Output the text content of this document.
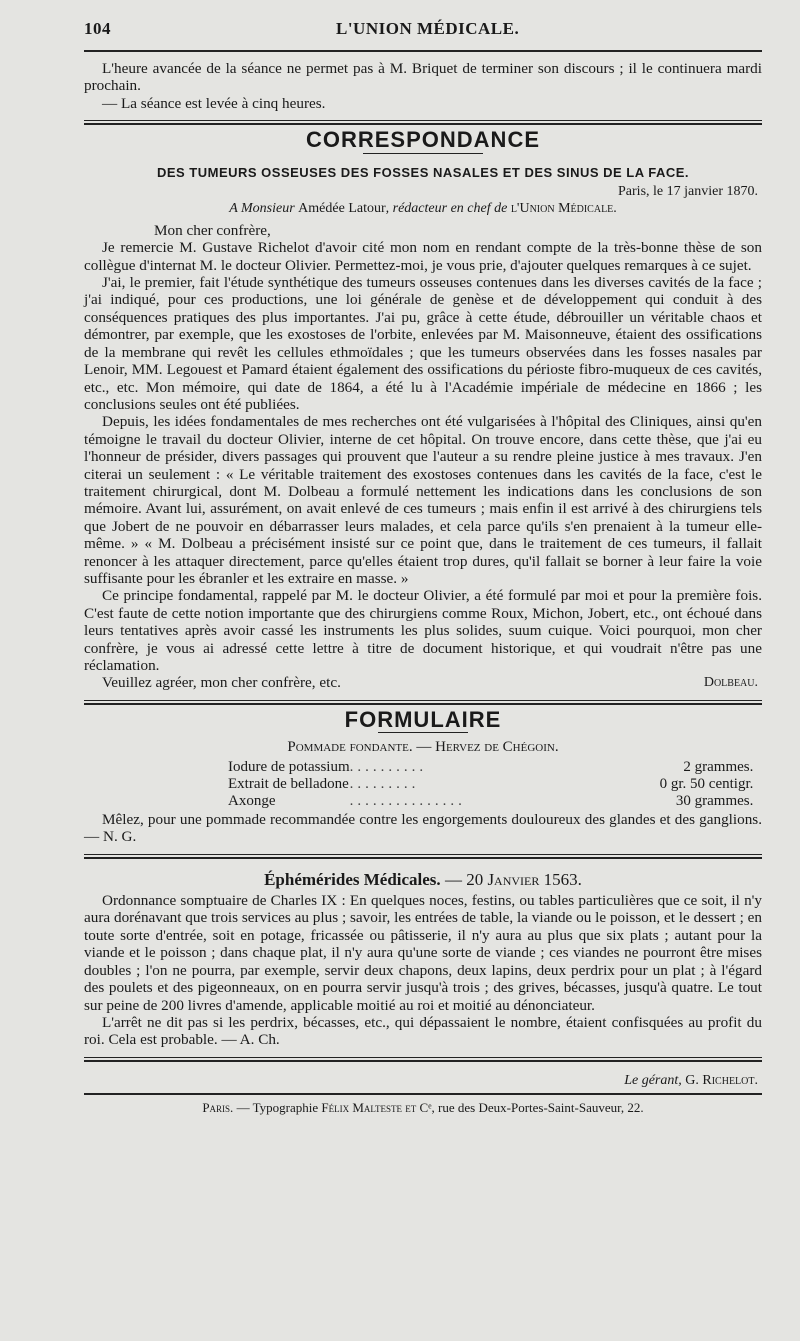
104	L'UNION MÉDICALE.

L'heure avancée de la séance ne permet pas à M. Briquet de terminer son discours ; il le continuera mardi prochain.

— La séance est levée à cinq heures.

CORRESPONDANCE
DES TUMEURS OSSEUSES DES FOSSES NASALES ET DES SINUS DE LA FACE.
Paris, le 17 janvier 1870.
A Monsieur Amédée Latour, rédacteur en chef de l'Union Médicale.

Mon cher confrère,

Je remercie M. Gustave Richelot d'avoir cité mon nom en rendant compte de la très-bonne thèse de son collègue d'internat M. le docteur Olivier. Permettez-moi, je vous prie, d'ajouter quelques remarques à ce sujet.

J'ai, le premier, fait l'étude synthétique des tumeurs osseuses contenues dans les diverses cavités de la face ; j'ai indiqué, pour ces productions, une loi générale de genèse et de développement qui conduit à des conséquences pratiques des plus importantes. J'ai pu, grâce à cette étude, débrouiller un véritable chaos et démontrer, par exemple, que les exostoses de l'orbite, enlevées par M. Maisonneuve, étaient des ossifications de la membrane qui revêt les cellules ethmoïdales ; que les tumeurs observées dans les fosses nasales par Lenoir, MM. Legouest et Pamard étaient également des ossifications du périoste fibro-muqueux de ces cavités, etc., etc. Mon mémoire, qui date de 1864, a été lu à l'Académie impériale de médecine en 1866 ; les conclusions seules ont été publiées.

Depuis, les idées fondamentales de mes recherches ont été vulgarisées à l'hôpital des Cliniques, ainsi qu'en témoigne le travail du docteur Olivier, interne de cet hôpital. On trouve encore, dans cette thèse, que j'ai eu l'honneur de présider, divers passages qui prouvent que l'auteur a su rendre pleine justice à mes travaux. J'en citerai un seulement : « Le véritable traitement des exostoses contenues dans les cavités de la face, c'est le traitement chirurgical, dont M. Dolbeau a formulé nettement les indications dans les conclusions de son mémoire. Avant lui, assurément, on avait enlevé de ces tumeurs ; mais enfin il est arrivé à des chirurgiens tels que Jobert de ne pouvoir en débarrasser leurs malades, et cela parce qu'ils s'en prenaient à la tumeur elle-même. » « M. Dolbeau a précisément insisté sur ce point que, dans le traitement de ces tumeurs, il fallait renoncer à les attaquer directement, parce qu'elles étaient trop dures, qu'il fallait se borner à leur faire la voie suffisante pour les ébranler et les extraire en masse. »

Ce principe fondamental, rappelé par M. le docteur Olivier, a été formulé par moi et pour la première fois. C'est faute de cette notion importante que des chirurgiens comme Roux, Michon, Jobert, etc., ont échoué dans leurs tentatives après avoir cassé les instruments les plus solides, suum cuique. Voici pourquoi, mon cher confrère, je vous ai adressé cette lettre à titre de document historique, et qui voudrait n'être pas une réclamation.

Veuillez agréer, mon cher confrère, etc.	Dolbeau.
FORMULAIRE
Pommade fondante. — Hervez de Chégoin.
Iodure de potassium	..........	2 grammes.
Extrait de belladone	.........	0 gr. 50 centigr.
Axonge	...............	30 grammes.

Mêlez, pour une pommade recommandée contre les engorgements douloureux des glandes et des ganglions. — N. G.

Éphémérides Médicales. — 20 Janvier 1563.

Ordonnance somptuaire de Charles IX : En quelques noces, festins, ou tables particulières que ce soit, il n'y aura dorénavant que trois services au plus ; savoir, les entrées de table, la viande ou le poisson, et le dessert ; en toute sorte d'entrée, soit en potage, fricassée ou pâtisserie, il n'y aura au plus que six plats ; autant pour la viande et le poisson ; dans chaque plat, il n'y aura qu'une sorte de viande ; ces viandes ne pourront être mises doubles ; l'on ne pourra, par exemple, servir deux chapons, deux lapins, deux perdrix pour un plat ; à l'égard des poulets et des pigeonneaux, on en pourra servir jusqu'à trois ; des grives, bécasses, jusqu'à quatre. Le tout sur peine de 200 livres d'amende, applicable moitié au roi et moitié au dénonciateur.

L'arrêt ne dit pas si les perdrix, bécasses, etc., qui dépassaient le nombre, étaient confisquées au profit du roi. Cela est probable. — A. Ch.

Le gérant, G. Richelot.
Paris. — Typographie Félix Malteste et Cᵉ, rue des Deux-Portes-Saint-Sauveur, 22.
